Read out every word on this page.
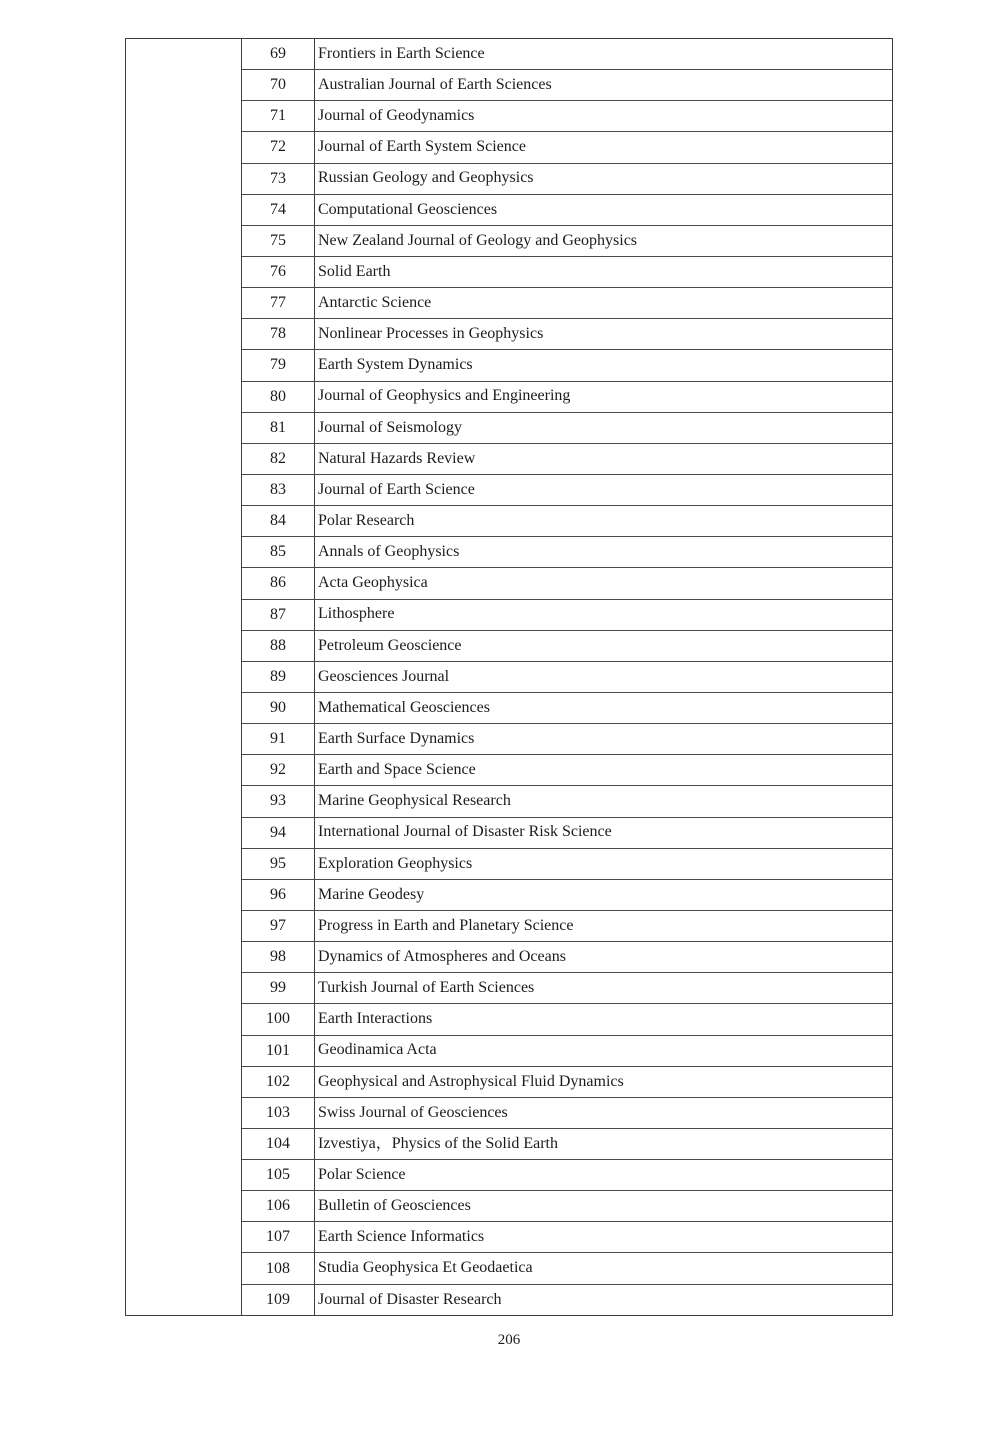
69	Frontiers in Earth Science
70	Australian Journal of Earth Sciences
71	Journal of Geodynamics
72	Journal of Earth System Science
73	Russian Geology and Geophysics
74	Computational Geosciences
75	New Zealand Journal of Geology and Geophysics
76	Solid Earth
77	Antarctic Science
78	Nonlinear Processes in Geophysics
79	Earth System Dynamics
80	Journal of Geophysics and Engineering
81	Journal of Seismology
82	Natural Hazards Review
83	Journal of Earth Science
84	Polar Research
85	Annals of Geophysics
86	Acta Geophysica
87	Lithosphere
88	Petroleum Geoscience
89	Geosciences Journal
90	Mathematical Geosciences
91	Earth Surface Dynamics
92	Earth and Space Science
93	Marine Geophysical Research
94	International Journal of Disaster Risk Science
95	Exploration Geophysics
96	Marine Geodesy
97	Progress in Earth and Planetary Science
98	Dynamics of Atmospheres and Oceans
99	Turkish Journal of Earth Sciences
100	Earth Interactions
101	Geodinamica Acta
102	Geophysical and Astrophysical Fluid Dynamics
103	Swiss Journal of Geosciences
104	Izvestiya，Physics of the Solid Earth
105	Polar Science
106	Bulletin of Geosciences
107	Earth Science Informatics
108	Studia Geophysica Et Geodaetica
109	Journal of Disaster Research
206
